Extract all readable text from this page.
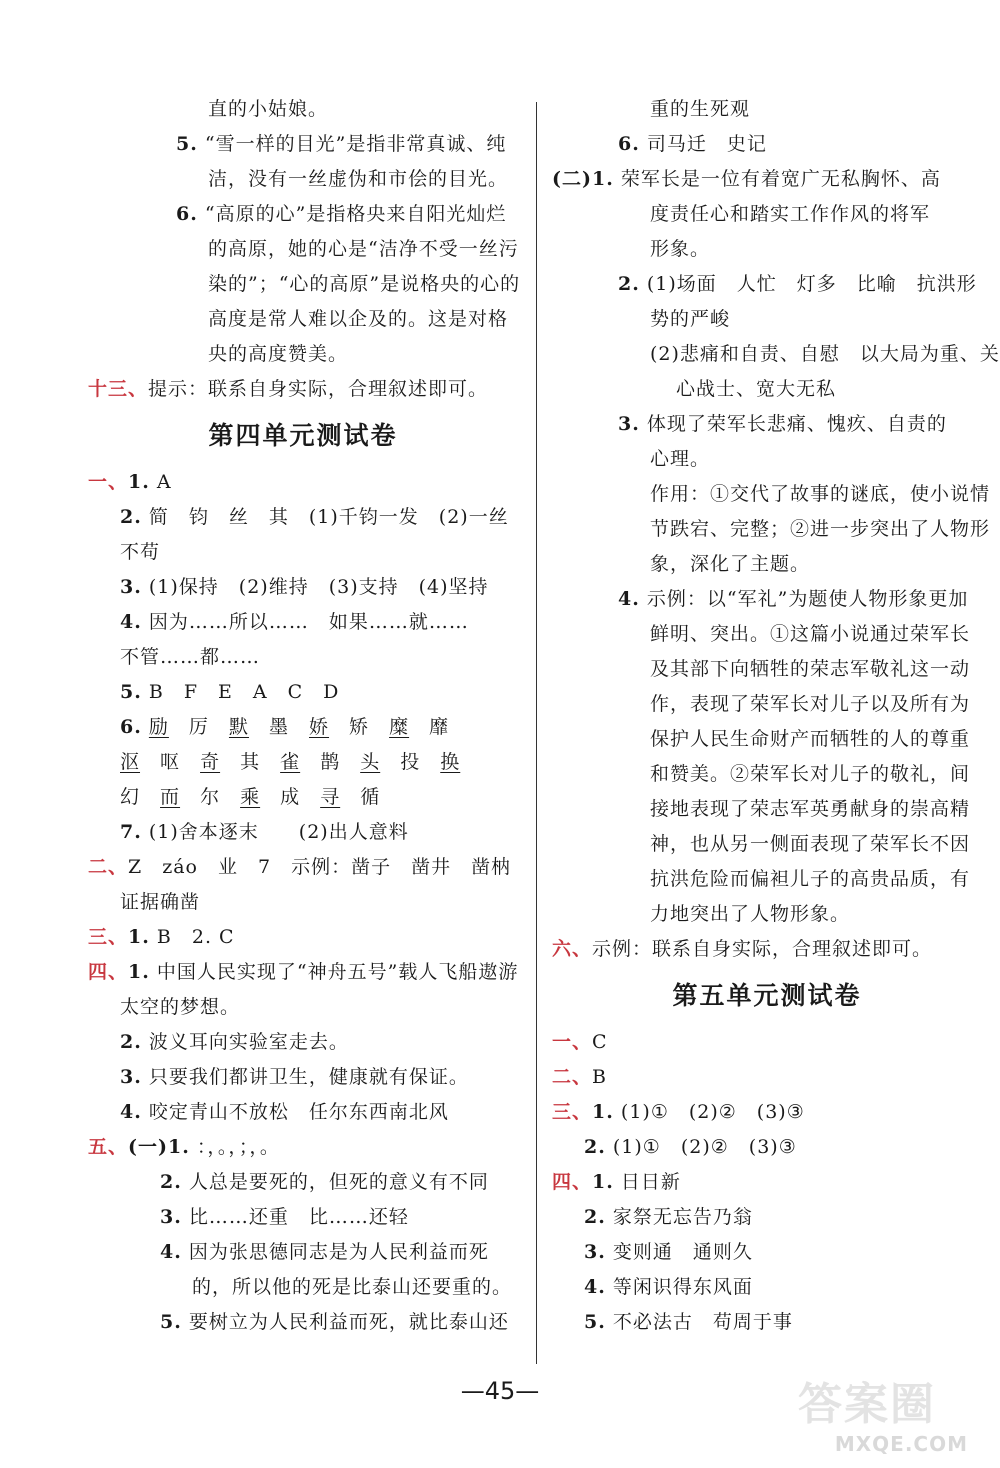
直的小姑娘。
5. “雪一样的目光”是指非常真诚、纯
洁，没有一丝虚伪和市侩的目光。
6. “高原的心”是指格央来自阳光灿烂
的高原，她的心是“洁净不受一丝污
染的”；“心的高原”是说格央的心的
高度是常人难以企及的。这是对格
央的高度赞美。
十三、提示：联系自身实际，合理叙述即可。
第四单元测试卷
一、1. A
2. 简　钧　丝　其　(1)千钧一发　(2)一丝
不苟
3. (1)保持　(2)维持　(3)支持　(4)坚持
4. 因为……所以……　如果……就……
不管……都……
5. B　F　E　A　C　D
6. 励　 厉　 默　 墨　 娇　 矫　 糜　 靡
沤　 呕　 奇　 其　 雀　 鹊　 头　 投　 换
幻　 而　 尔　 乘　 成　 寻　 循
7. (1)舍本逐末　　(2)出人意料
二、Z　záo　业　7　示例：凿子　凿井　凿枘
证据确凿
三、1. B　2. C
四、1. 中国人民实现了“神舟五号”载人飞船遨游
太空的梦想。
2. 波义耳向实验室走去。
3. 只要我们都讲卫生，健康就有保证。
4. 咬定青山不放松　任尔东西南北风
五、(一)1. ：，。，；，。
2. 人总是要死的，但死的意义有不同
3. 比……还重　比……还轻
4. 因为张思德同志是为人民利益而死
的，所以他的死是比泰山还要重的。
5. 要树立为人民利益而死，就比泰山还
重的生死观
6. 司马迁　史记
(二)1. 荣军长是一位有着宽广无私胸怀、高
度责任心和踏实工作作风的将军
形象。
2. (1)场面　人忙　灯多　比喻　抗洪形
势的严峻
(2)悲痛和自责、自慰　以大局为重、关
心战士、宽大无私
3. 体现了荣军长悲痛、愧疚、自责的
心理。
作用：①交代了故事的谜底，使小说情
节跌宕、完整；②进一步突出了人物形
象，深化了主题。
4. 示例：以“军礼”为题使人物形象更加
鲜明、突出。①这篇小说通过荣军长
及其部下向牺牲的荣志军敬礼这一动
作，表现了荣军长对儿子以及所有为
保护人民生命财产而牺牲的人的尊重
和赞美。②荣军长对儿子的敬礼，间
接地表现了荣志军英勇献身的崇高精
神，也从另一侧面表现了荣军长不因
抗洪危险而偏袒儿子的高贵品质，有
力地突出了人物形象。
六、示例：联系自身实际，合理叙述即可。
第五单元测试卷
一、C
二、B
三、1. (1)①　(2)②　(3)③
2. (1)①　(2)②　(3)③
四、1. 日日新
2. 家祭无忘告乃翁
3. 变则通　通则久
4. 等闲识得东风面
5. 不必法古　苟周于事
—45—	答案圈
MXQE.COM
